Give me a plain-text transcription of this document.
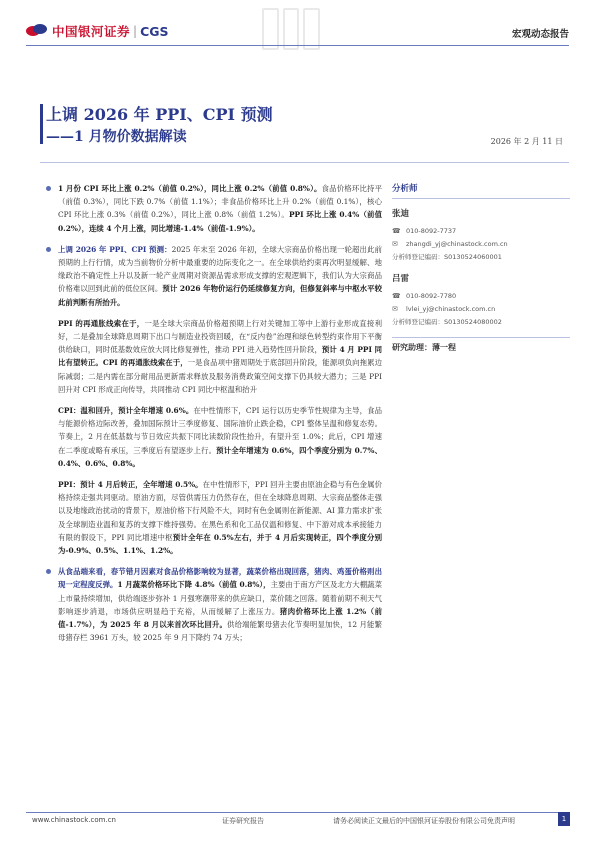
中国银河证券 | CGS	宏观动态报告
上调 2026 年 PPI、CPI 预测
——1 月物价数据解读	2026 年 2 月 11 日

1 月份 CPI 环比上涨 0.2%（前值 0.2%），同比上涨 0.2%（前值 0.8%）。食品价格环比持平（前值 0.3%），同比下跌 0.7%（前值 1.1%）；非食品价格环比上升 0.2%（前值 0.1%），核心 CPI 环比上涨 0.3%（前值 0.2%），同比上涨 0.8%（前值 1.2%）。PPI 环比上涨 0.4%（前值 0.2%），连续 4 个月上涨，同比增速-1.4%（前值-1.9%）。

上调 2026 年 PPI、CPI 预测：2025 年末至 2026 年初，全球大宗商品价格出现一轮超出此前预期的上行行情，成为当前物价分析中最重要的边际变化之一。在全球供给约束再次明显缓解、地缘政治不确定性上升以及新一轮产业周期对资源品需求形成支撑的宏观逻辑下，我们认为大宗商品价格难以回到此前的低位区间。预计 2026 年物价运行仍延续修复方向，但修复斜率与中枢水平较此前判断有所抬升。

PPI 的再通胀线索在于，一是全球大宗商品价格超预期上行对关键加工等中上游行业形成直接利好，二是叠加全球降息周期下出口与制造业投资回暖，在“反内卷”治理和绿色转型约束作用下平衡供给缺口，同时低基数效应放大同比修复弹性，推动 PPI 进入趋势性回升阶段，预计 4 月 PPI 同比有望转正。CPI 的再通胀线索在于，一是食品项中猪周期处于底部回升阶段，能源项负向拖累边际减弱；二是内需在部分耐用品更新需求释放及服务消费政策空间支撑下仍具较大潜力；三是 PPI 回升对 CPI 形成正向传导，共同推动 CPI 同比中枢温和抬升

CPI：温和回升，预计全年增速 0.6%。在中性情形下，CPI 运行以历史季节性规律为主导，食品与能源价格边际改善，叠加国际预计三季度修复、国际油价止跌企稳，CPI 整体呈温和修复态势。节奏上，2 月在低基数与节日效应共振下同比读数阶段性抬升，有望升至 1.0%；此后，CPI 增速在二季度或略有承压，三季度后有望逐步上行。预计全年增速为 0.6%，四个季度分别为 0.7%、0.4%、0.6%、0.8%。

PPI：预计 4 月后转正，全年增速 0.5%。在中性情形下，PPI 回升主要由原油企稳与有色金属价格持续走强共同驱动。原油方面，尽管供需压力仍然存在，但在全球降息周期、大宗商品整体走强以及地缘政治扰动的背景下，原油价格下行风险不大，同时有色金属则在新能源、AI 算力需求扩张及全球制造业温和复苏的支撑下维持强势。在黑色系和化工品仅温和修复、中下游对成本承接能力有限的假设下，PPI 同比增速中枢预计全年在 0.5%左右，并于 4 月后实现转正，四个季度分别为-0.9%、0.5%、1.1%、1.2%。

从食品端来看，春节错月因素对食品价格影响较为显著，蔬菜价格出现回落，猪肉、鸡蛋价格则出现一定程度反弹。1 月蔬菜价格环比下降 4.8%（前值 0.8%），主要由于南方产区及北方大棚蔬菜上市量持续增加，供给端逐步弥补 1 月强寒潮带来的供应缺口，菜价随之回落。随着前期不利天气影响逐步消退，市场供应明显趋于充裕，从而缓解了上涨压力。猪肉价格环比上涨 1.2%（前值-1.7%），为 2025 年 8 月以来首次环比回升。供给端能繁母猪去化节奏明显加快，12 月能繁母猪存栏 3961 万头，较 2025 年 9 月下降约 74 万头；

分析师
张迪
☎ 010-8092-7737
✉	zhangdi_yj@chinastock.com.cn
分析师登记编码： S0130524060001
吕雷
☎ 010-8092-7780
✉	lvlei_yj@chinastock.com.cn
分析师登记编码： S0130524080002
研究助理：薄一程
www.chinastock.com.cn	证券研究报告	请务必阅读正文最后的中国银河证券股份有限公司免责声明	1
